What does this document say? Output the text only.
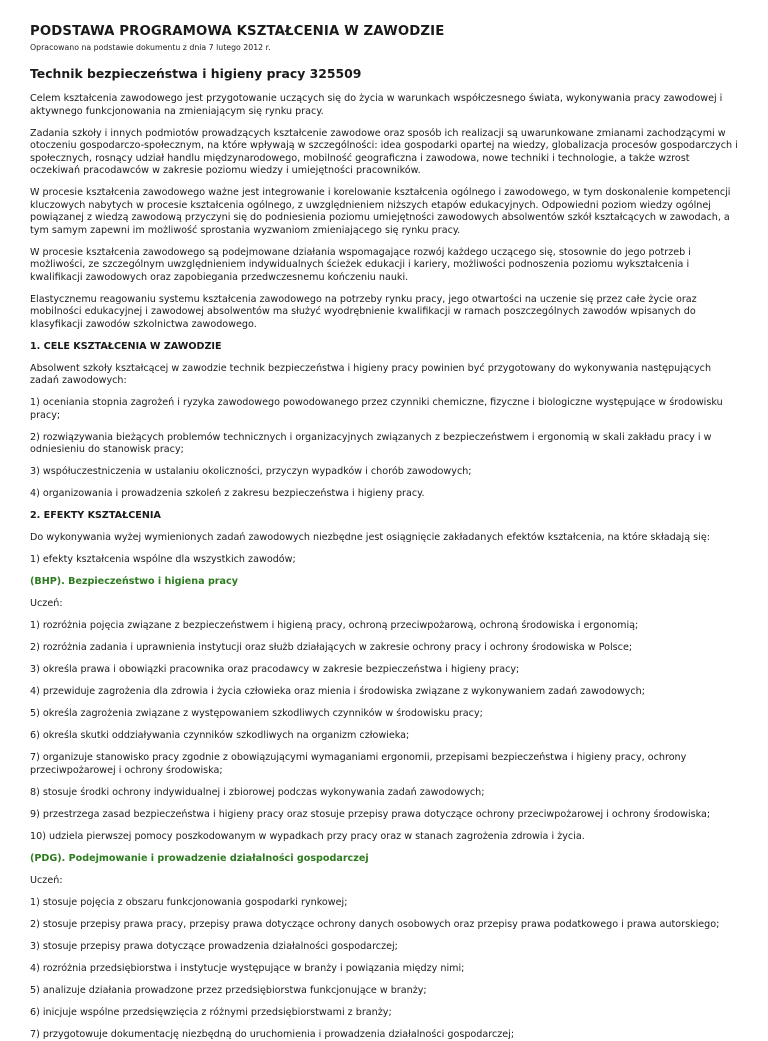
PODSTAWA PROGRAMOWA KSZTAŁCENIA W ZAWODZIE
Opracowano na podstawie dokumentu z dnia 7 lutego 2012 r.
Technik bezpieczeństwa i higieny pracy 325509

Celem kształcenia zawodowego jest przygotowanie uczących się do życia w warunkach współczesnego świata, wykonywania pracy zawodowej i aktywnego funkcjonowania na zmieniającym się rynku pracy.

Zadania szkoły i innych podmiotów prowadzących kształcenie zawodowe oraz sposób ich realizacji są uwarunkowane zmianami zachodzącymi w otoczeniu gospodarczo-społecznym, na które wpływają w szczególności: idea gospodarki opartej na wiedzy, globalizacja procesów gospodarczych i społecznych, rosnący udział handlu międzynarodowego, mobilność geograficzna i zawodowa, nowe techniki i technologie, a także wzrost oczekiwań pracodawców w zakresie poziomu wiedzy i umiejętności pracowników.

W procesie kształcenia zawodowego ważne jest integrowanie i korelowanie kształcenia ogólnego i zawodowego, w tym doskonalenie kompetencji kluczowych nabytych w procesie kształcenia ogólnego, z uwzględnieniem niższych etapów edukacyjnych. Odpowiedni poziom wiedzy ogólnej powiązanej z wiedzą zawodową przyczyni się do podniesienia poziomu umiejętności zawodowych absolwentów szkół kształcących w zawodach, a tym samym zapewni im możliwość sprostania wyzwaniom zmieniającego się rynku pracy.

W procesie kształcenia zawodowego są podejmowane działania wspomagające rozwój każdego uczącego się, stosownie do jego potrzeb i możliwości, ze szczególnym uwzględnieniem indywidualnych ścieżek edukacji i kariery, możliwości podnoszenia poziomu wykształcenia i kwalifikacji zawodowych oraz zapobiegania przedwczesnemu kończeniu nauki.

Elastycznemu reagowaniu systemu kształcenia zawodowego na potrzeby rynku pracy, jego otwartości na uczenie się przez całe życie oraz mobilności edukacyjnej i zawodowej absolwentów ma służyć wyodrębnienie kwalifikacji w ramach poszczególnych zawodów wpisanych do klasyfikacji zawodów szkolnictwa zawodowego.

1. CELE KSZTAŁCENIA W ZAWODZIE

Absolwent szkoły kształcącej w zawodzie technik bezpieczeństwa i higieny pracy powinien być przygotowany do wykonywania następujących zadań zawodowych:

1) oceniania stopnia zagrożeń i ryzyka zawodowego powodowanego przez czynniki chemiczne, fizyczne i biologiczne występujące w środowisku pracy;

2) rozwiązywania bieżących problemów technicznych i organizacyjnych związanych z bezpieczeństwem i ergonomią w skali zakładu pracy i w odniesieniu do stanowisk pracy;

3) współuczestniczenia w ustalaniu okoliczności, przyczyn wypadków i chorób zawodowych;

4) organizowania i prowadzenia szkoleń z zakresu bezpieczeństwa i higieny pracy.

2. EFEKTY KSZTAŁCENIA

Do wykonywania wyżej wymienionych zadań zawodowych niezbędne jest osiągnięcie zakładanych efektów kształcenia, na które składają się:

1) efekty kształcenia wspólne dla wszystkich zawodów;

(BHP). Bezpieczeństwo i higiena pracy

Uczeń:

1) rozróżnia pojęcia związane z bezpieczeństwem i higieną pracy, ochroną przeciwpożarową, ochroną środowiska i ergonomią;

2) rozróżnia zadania i uprawnienia instytucji oraz służb działających w zakresie ochrony pracy i ochrony środowiska w Polsce;

3) określa prawa i obowiązki pracownika oraz pracodawcy w zakresie bezpieczeństwa i higieny pracy;

4) przewiduje zagrożenia dla zdrowia i życia człowieka oraz mienia i środowiska związane z wykonywaniem zadań zawodowych;

5) określa zagrożenia związane z występowaniem szkodliwych czynników w środowisku pracy;

6) określa skutki oddziaływania czynników szkodliwych na organizm człowieka;

7) organizuje stanowisko pracy zgodnie z obowiązującymi wymaganiami ergonomii, przepisami bezpieczeństwa i higieny pracy, ochrony przeciwpożarowej i ochrony środowiska;

8) stosuje środki ochrony indywidualnej i zbiorowej podczas wykonywania zadań zawodowych;

9) przestrzega zasad bezpieczeństwa i higieny pracy oraz stosuje przepisy prawa dotyczące ochrony przeciwpożarowej i ochrony środowiska;

10) udziela pierwszej pomocy poszkodowanym w wypadkach przy pracy oraz w stanach zagrożenia zdrowia i życia.

(PDG). Podejmowanie i prowadzenie działalności gospodarczej

Uczeń:

1) stosuje pojęcia z obszaru funkcjonowania gospodarki rynkowej;

2) stosuje przepisy prawa pracy, przepisy prawa dotyczące ochrony danych osobowych oraz przepisy prawa podatkowego i prawa autorskiego;

3) stosuje przepisy prawa dotyczące prowadzenia działalności gospodarczej;

4) rozróżnia przedsiębiorstwa i instytucje występujące w branży i powiązania między nimi;

5) analizuje działania prowadzone przez przedsiębiorstwa funkcjonujące w branży;

6) inicjuje wspólne przedsięwzięcia z różnymi przedsiębiorstwami z branży;

7) przygotowuje dokumentację niezbędną do uruchomienia i prowadzenia działalności gospodarczej;
